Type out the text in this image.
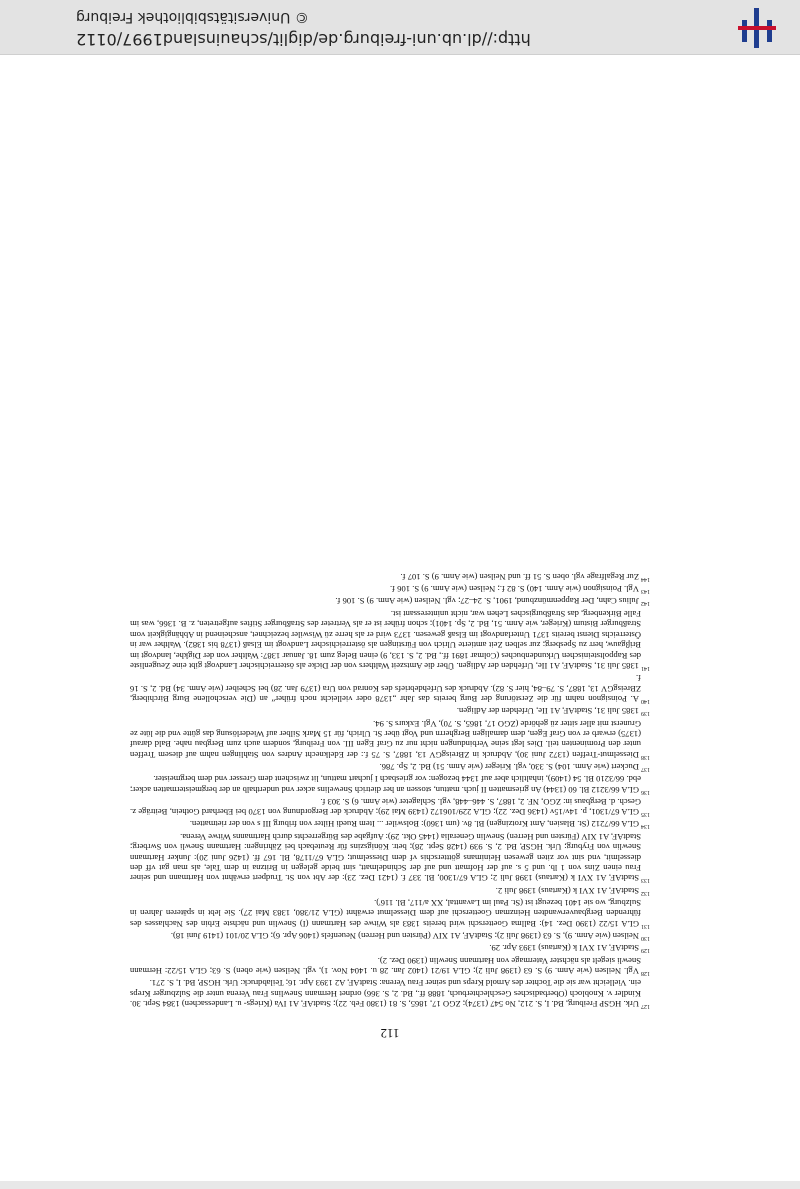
112
$^{127}$Urk. HGSP Freiburg, Bd. I, S. 212, No 547 (1374); ZGO 17, 1865, S. 81 (1380 Feb. 22); StadtAF, A1 IVa (Kriegs- u. Landessachen) 1384 Sept. 30. Kindler v. Knobloch (Oberbadisches Geschlechterbuch, 1888 ff., Bd. 2, S. 366) ordnet Hermann Snewlins Frau Verena unter die Sulzburger Kreps ein. Vielleicht war sie die Tochter des Arnold Kreps und seiner Frau Verena: StadtAF, A2 1393 Apr. 16; Teilabdruck: Urk. HGSP, Bd. I, S. 271.
$^{128}$Vgl. Neilsen (wie Anm. 9) S. 63 (1398 Juli 2); GLA 19/21 (1402 Jan. 28 u. 1404 Nov. 1), vgl. Neilsen (wie oben) S. 63; GLA 15/22: Hermann Snewli siegelt als nächster Vatermage von Hartmann Snewlin (1390 Dez. 2).
$^{129}$StadtAF, A1 XVI k (Kartaus) 1393 Apr. 29.
$^{130}$Neilsen (wie Anm. 9), S. 63 (1398 Juli 2); StadtAF, A1 XIV (Pürsten und Herren) Neuenfels (1406 Apr. 6); GLA 20/101 (1419 Juni 18).
$^{131}$GLA 15/22 (1390 Dez. 14): Ballma Goetterschi wird bereits 1383 als Witwe des Hartmann (I) Snewlin und nächste Erbin des Nachlasses des führenden Bergbauverwandten Heinzman Goetterschi auf dem Diesselmut erwähnt (GLA 21/380, 1383 Mai 27). Sie lebt in späteren Jahren in Sulzburg, wo sie 1401 bezeugt ist (St. Paul im Lavanttal, XX a/117, Bl. 116').
$^{132}$StadtAF, A1 XVI k (Kartaus) 1398 Juli 2.
$^{133}$StadtAF, A1 XVI k (Kartaus) 1398 Juli 2; GLA 67/1300, Bl. 337 f. (1421 Dez. 23): der Abt von St. Trudpert erwähnt von Hartmann und seiner Frau einen Zins von 1 lb. und 5 s. auf der Hofmatt und auf der Schindelmatt, sint beide gelegen in Britzna in dem Tale, als man gat vff den diesselmit, vnd sint vor ziten gewesen Heinimans göttterschis vf dem Diesselmut; GLA 67/1178, Bl. 167 ff. (1426 Juni 20): Junker Hartmann Snewlin von Fryburg; Urk. HGSP, Bd. 2, S. 939 (1428 Sept. 28); betr. Königszins für Reutebach bei Zähringen: Hartmann Snewli von Swrberg; StadtAF, A1 XIV (Fürsten und Herren) Snewlin Generalia (1445 Okt. 29): Aufgabe des Bürgerrechts durch Hartmanns Witwe Verena.
$^{134}$GLA 66/7212 (St. Blasien, Amt Krotzingen) Bl. 8v. (um 1360): Bolswiler ... Item Ruedi Hilter von friburg III s von der rietmatten.
$^{135}$GLA 67/1301, p. 14v/15v (1436 Dez. 22); GLA 229/106172 (1439 Mai 29); Abdruck der Bergordnung von 1370 bei Eberhard Gothein, Beiträge z. Gesch. d. Bergbaus in: ZGO, NF. 2, 1887, S. 446–448, vgl. Schlageter (wie Anm. 6) S. 303 f.
$^{136}$GLA 66/3212 Bl. 60 (1344) An griesmatten II juch. mattun, stossen an her dietrich Snewelins acker vnd underthalb an der bergmeistermatten acker; ebd. 66/3210 Bl. 54 (1409), inhaltlich aber auf 1344 bezogen: vor griesbach I juchart mattun, lit zwischent dem Gresser vnd dem bergmeister.
$^{137}$Duckert (wie Anm. 104) S. 330, vgl. Krieger (wie Anm. 51) Bd. 2, Sp. 786.
$^{138}$Diesselmut-Treffen (1372 Juni 30), Abdruck in ZBreisgGV 13, 1887, S. 75 f.: der Edelknecht Andres von Stahlingen nahm auf diesem Treffen unter den Prominenten teil. Dies legt seine Verbindungen nicht nur zu Graf Egen III. von Freiburg, sondern auch zum Bergbau nahe. Bald darauf (1375) erwarb er von Graf Egen, dem damaligen Bergherrn und Vogt über St. Ulrich, für 15 Mark Silber auf Wiederlösung das gütte vnd die lüte ze Grunerst mit aller sitter zü gehörde (ZGO 17, 1865, S. 70), Vgl. Exkurs S. 94.
$^{139}$1385 Juli 31, StadtAF, A1 IIe, Urfehden der Adligen.
$^{140}$A. Poinsignon nahm für die Zerstörung der Burg bereits das Jahr „1378 oder vielleicht noch früher“ an (Die verschollene Burg Birchiberg, ZBreisgGV 13, 1887, S. 79–84, hier S. 82). Abdruck des Urfehdebriefs des Konrad von Ura (1379 Jan. 28) bei Scheiber (wie Anm. 34) Bd. 2, S. 16 f.
$^{141}$1385 Juli 31, StadtAF, A1 IIe, Urfehden der Adligen. Über die Amtszeit Walthers von der Dicke als österreichischer Landvogt gibt eine Zeugenliste des Rappoltsteinischen Urkundenbuches (Colmar 1891 ff., Bd. 2, S. 133, 9) einen Beleg zum 18. Januar 1387: Walther von der Digkhe, landvogt im Briβgauw, herr zu Spesberg; zur selben Zeit amtierte Ulrich von Fürstingen als österreichischer Landvogt im Elsaß (1378 bis 1382). Walther war in Österreichs Dienst bereits 1371 Unterlandvogt im Elsaß gewesen. 1373 wird er als herre zü Wiswiler bezeichnet, anscheinend in Abhängigkeit vom Straßburger Bistum (Krieger, wie Anm. 51, Bd. 2, Sp. 1401); schon früher ist er als Vertreter des Straßburger Stiftes aufgetreten, z. B. 1366, was im Falle Birkenberg, das Straßburgisches Lehen war, nicht uninteressant ist.
$^{142}$Julius Cahn, Der Rappenmünzbund, 1901, S. 24–27; vgl. Neilsen (wie Anm. 9) S. 106 f.
$^{143}$Vgl. Poinsignon (wie Anm. 140) S. 82 f.; Neilsen (wie Anm. 9) S. 106 f.
$^{144}$Zur Regalfrage vgl. oben S. 51 ff. und Neilsen (wie Anm. 9) S. 107 f.
http://dl.ub.uni-freiburg.de/diglit/schauinsland1997/0112
© Universitätsbibliothek Freiburg
